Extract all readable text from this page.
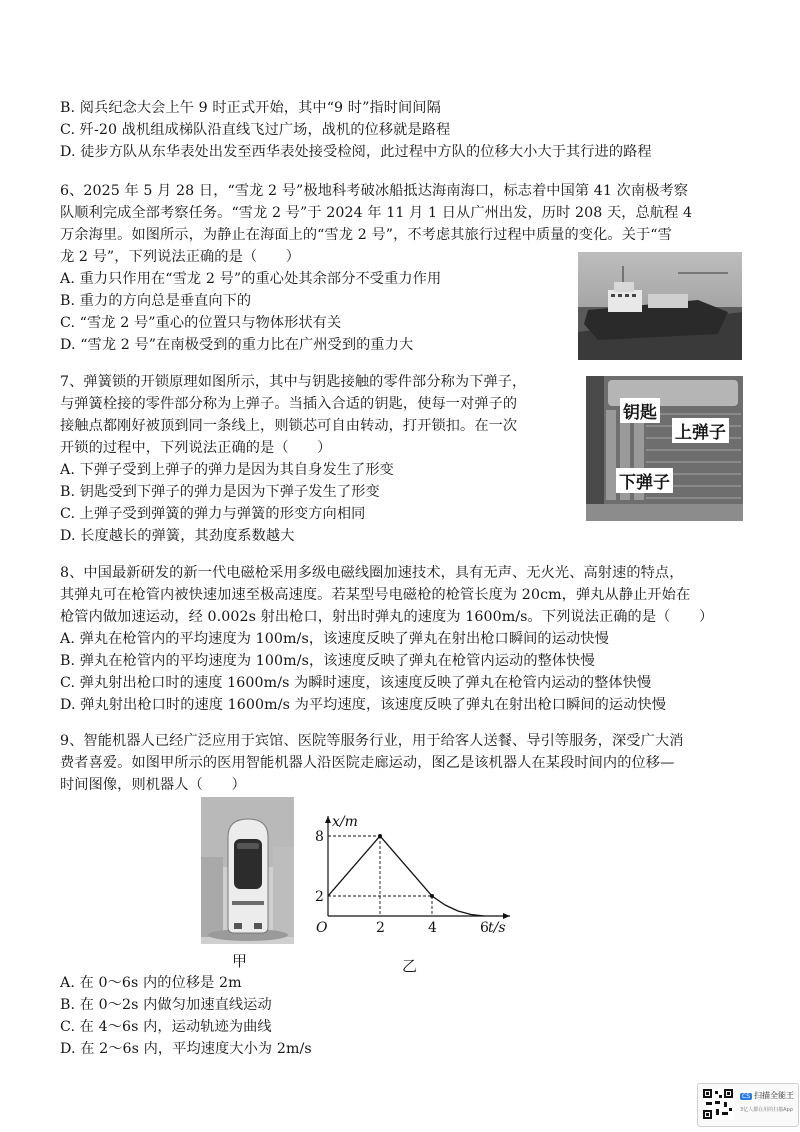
B. 阅兵纪念大会上午 9 时正式开始，其中“9 时”指时间间隔
C. 歼-20 战机组成梯队沿直线飞过广场，战机的位移就是路程
D. 徒步方队从东华表处出发至西华表处接受检阅，此过程中方队的位移大小大于其行进的路程
6、2025 年 5 月 28 日，“雪龙 2 号”极地科考破冰船抵达海南海口，标志着中国第 41 次南极考察
队顺利完成全部考察任务。“雪龙 2 号”于 2024 年 11 月 1 日从广州出发，历时 208 天，总航程 4
万余海里。如图所示，为静止在海面上的“雪龙 2 号”，不考虑其旅行过程中质量的变化。关于“雪
龙 2 号”，下列说法正确的是（　　）
A. 重力只作用在“雪龙 2 号”的重心处其余部分不受重力作用
B. 重力的方向总是垂直向下的
C. “雪龙 2 号”重心的位置只与物体形状有关
D. “雪龙 2 号”在南极受到的重力比在广州受到的重力大
7、弹簧锁的开锁原理如图所示，其中与钥匙接触的零件部分称为下弹子，
与弹簧栓接的零件部分称为上弹子。当插入合适的钥匙，使每一对弹子的
接触点都刚好被顶到同一条线上，则锁芯可自由转动，打开锁扣。在一次
开锁的过程中，下列说法正确的是（　　）
A. 下弹子受到上弹子的弹力是因为其自身发生了形变
B. 钥匙受到下弹子的弹力是因为下弹子发生了形变
C. 上弹子受到弹簧的弹力与弹簧的形变方向相同
D. 长度越长的弹簧，其劲度系数越大
钥匙
上弹子
下弹子
8、中国最新研发的新一代电磁枪采用多级电磁线圈加速技术，具有无声、无火光、高射速的特点，
其弹丸可在枪管内被快速加速至极高速度。若某型号电磁枪的枪管长度为 20cm，弹丸从静止开始在
枪管内做加速运动，经 0.002s 射出枪口，射出时弹丸的速度为 1600m/s。下列说法正确的是（　　）
A. 弹丸在枪管内的平均速度为 100m/s，该速度反映了弹丸在射出枪口瞬间的运动快慢
B. 弹丸在枪管内的平均速度为 100m/s，该速度反映了弹丸在枪管内运动的整体快慢
C. 弹丸射出枪口时的速度 1600m/s 为瞬时速度，该速度反映了弹丸在枪管内运动的整体快慢
D. 弹丸射出枪口时的速度 1600m/s 为平均速度，该速度反映了弹丸在射出枪口瞬间的运动快慢
9、智能机器人已经广泛应用于宾馆、医院等服务行业，用于给客人送餐、导引等服务，深受广大消
费者喜爱。如图甲所示的医用智能机器人沿医院走廊运动，图乙是该机器人在某段时间内的位移—
时间图像，则机器人（　　）
甲	乙
O
x/m
t/s
2	4	6
8
2
A. 在 0～6s 内的位移是 2m
B. 在 0～2s 内做匀加速直线运动
C. 在 4～6s 内，运动轨迹为曲线
D. 在 2～6s 内，平均速度大小为 2m/s
CS 扫描全能王
3亿人都在用的扫描App
